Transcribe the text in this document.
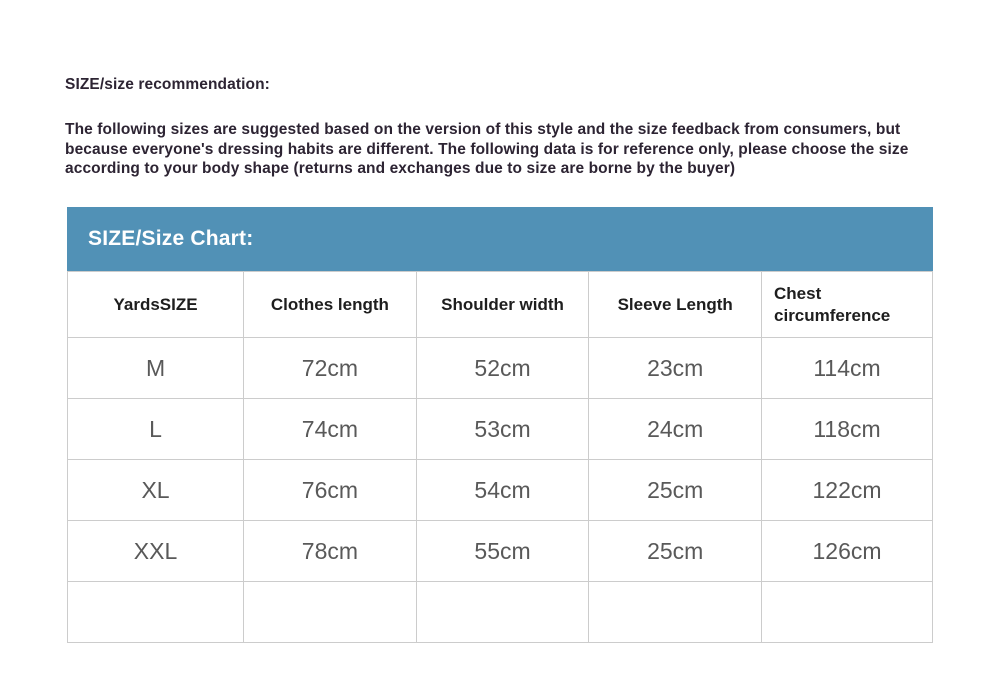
SIZE/size recommendation:

The following sizes are suggested based on the version of this style and the size feedback from consumers, but because everyone's dressing habits are different. The following data is for reference only, please choose the size according to your body shape (returns and exchanges due to size are borne by the buyer)

SIZE/Size Chart:
YardsSIZE	Clothes length	Shoulder width	Sleeve Length	Chest circumference
M	72cm	52cm	23cm	114cm
L	74cm	53cm	24cm	118cm
XL	76cm	54cm	25cm	122cm
XXL	78cm	55cm	25cm	126cm
